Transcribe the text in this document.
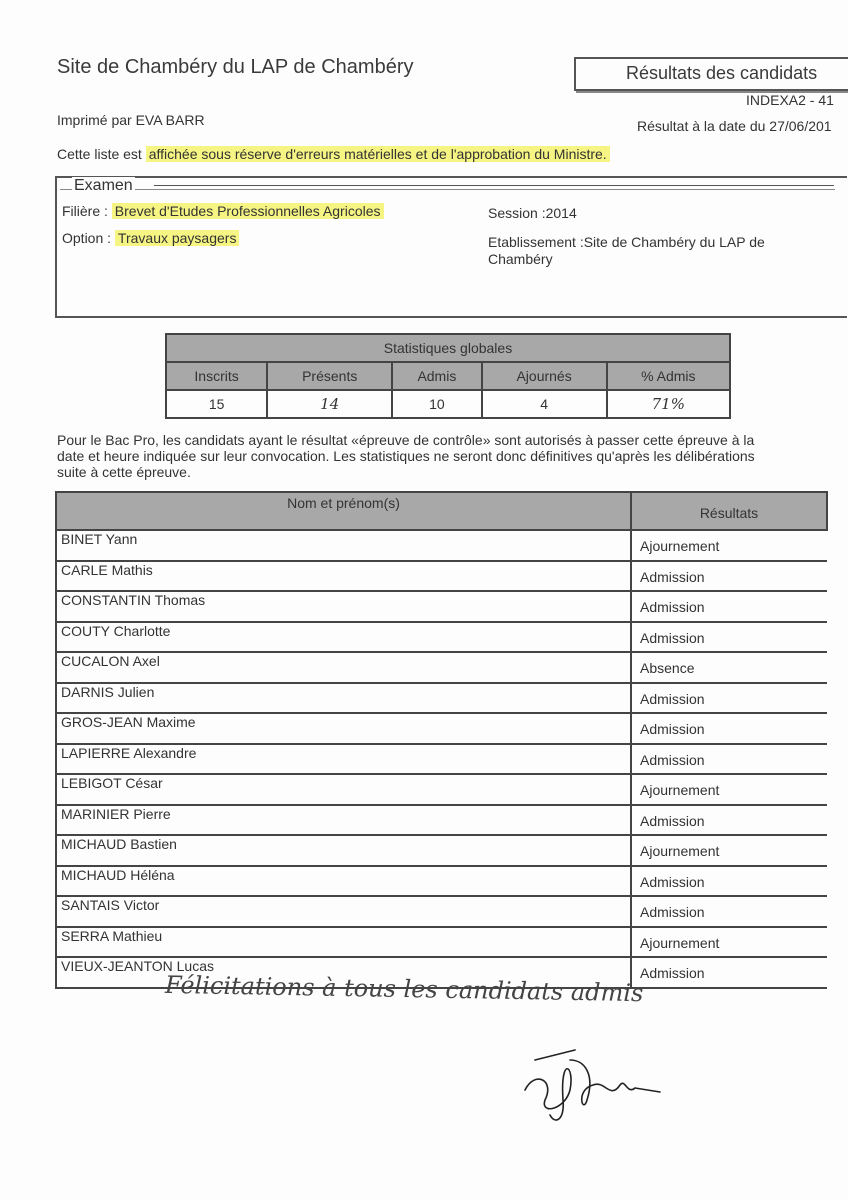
Site de Chambéry du LAP de Chambéry	Résultats des candidats
INDEXA2 - 41
Imprimé par EVA BARR	Résultat à la date du 27/06/201
Cette liste est affichée sous réserve d'erreurs matérielles et de l'approbation du Ministre.
Examen
Filière : Brevet d'Etudes Professionnelles Agricoles
Option : Travaux paysagers
Session :2014
Etablissement :Site de Chambéry du LAP de Chambéry
Statistiques globales				
Inscrits	Présents	Admis	Ajournés	% Admis
15	14	10	4	71%
Pour le Bac Pro, les candidats ayant le résultat «épreuve de contrôle» sont autorisés à passer cette épreuve à la date et heure indiquée sur leur convocation. Les statistiques ne seront donc définitives qu'après les délibérations suite à cette épreuve.
Nom et prénom(s)	Résultats
BINET Yann	Ajournement
CARLE Mathis	Admission
CONSTANTIN Thomas	Admission
COUTY Charlotte	Admission
CUCALON Axel	Absence
DARNIS Julien	Admission
GROS-JEAN Maxime	Admission
LAPIERRE Alexandre	Admission
LEBIGOT César	Ajournement
MARINIER Pierre	Admission
MICHAUD Bastien	Ajournement
MICHAUD Héléna	Admission
SANTAIS Victor	Admission
SERRA Mathieu	Ajournement
VIEUX-JEANTON Lucas	Admission
Félicitations à tous les candidats admis
